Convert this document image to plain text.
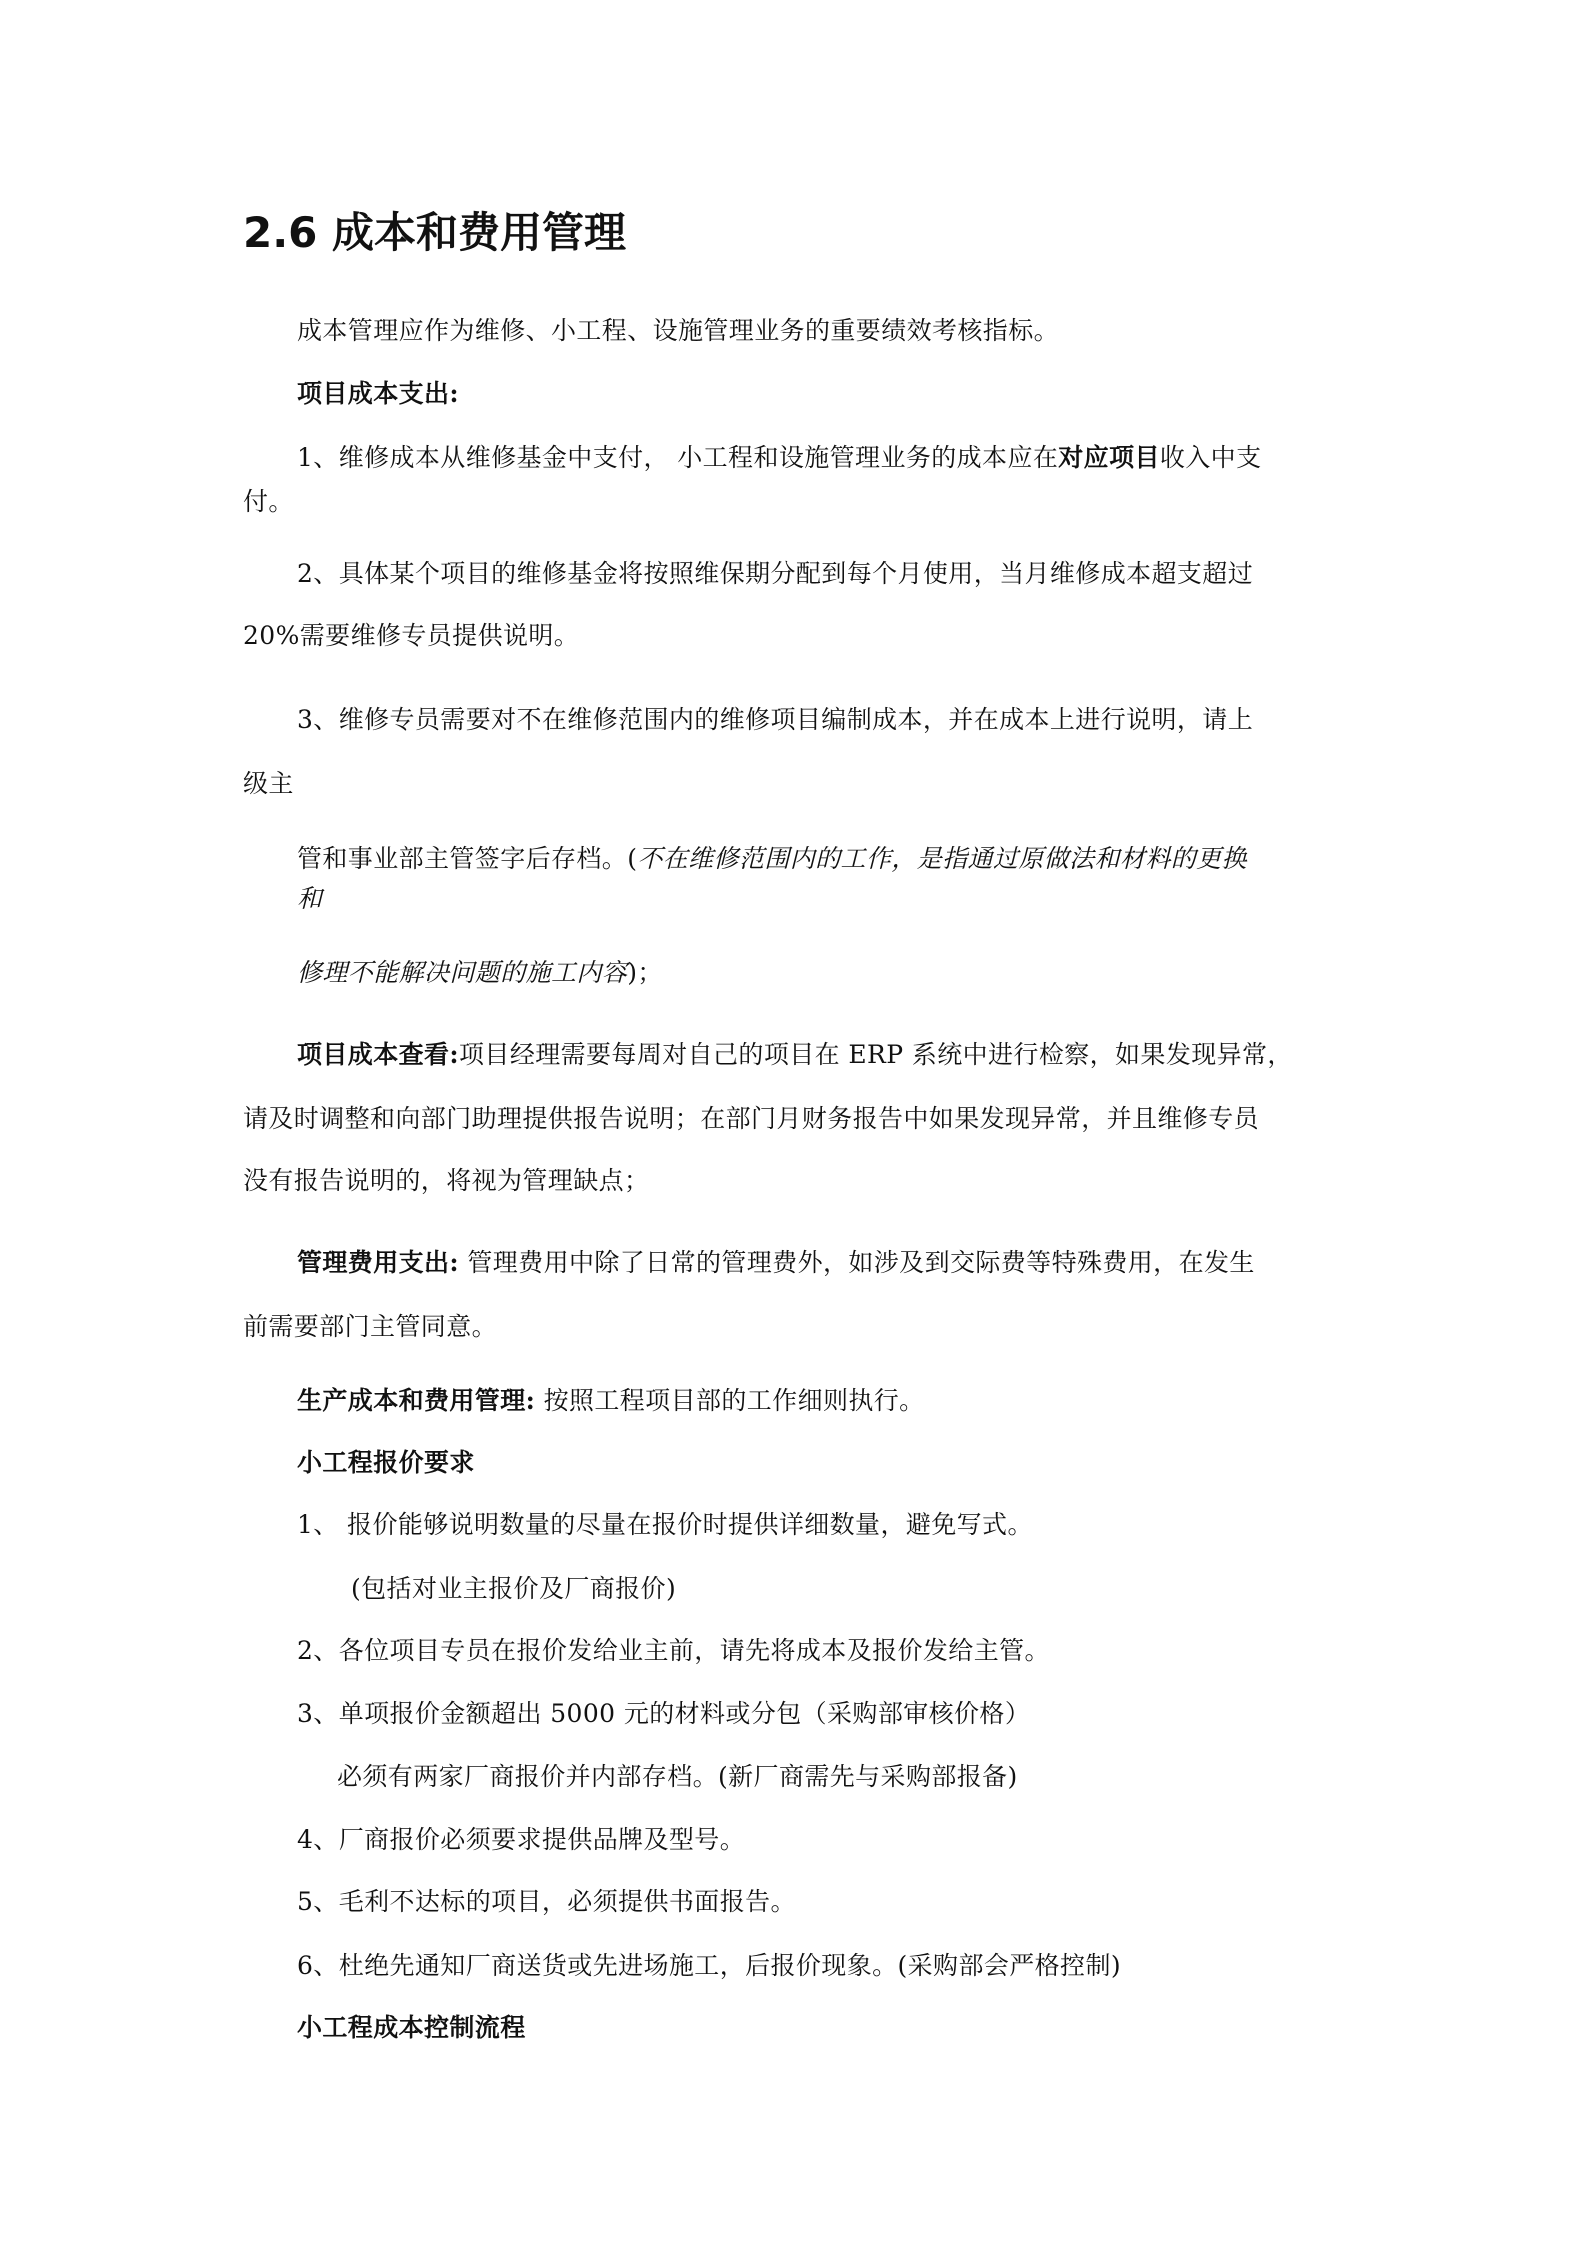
2.6 成本和费用管理
成本管理应作为维修、小工程、设施管理业务的重要绩效考核指标。
项目成本支出:
1、维修成本从维修基金中支付， 小工程和设施管理业务的成本应在对应项目收入中支
付。
2、具体某个项目的维修基金将按照维保期分配到每个月使用，当月维修成本超支超过
20%需要维修专员提供说明。
3、维修专员需要对不在维修范围内的维修项目编制成本，并在成本上进行说明，请上
级主
管和事业部主管签字后存档。(不在维修范围内的工作，是指通过原做法和材料的更换
和
修理不能解决问题的施工内容)；
项目成本查看:项目经理需要每周对自己的项目在 ERP 系统中进行检察，如果发现异常，
请及时调整和向部门助理提供报告说明；在部门月财务报告中如果发现异常，并且维修专员
没有报告说明的，将视为管理缺点；
管理费用支出: 管理费用中除了日常的管理费外，如涉及到交际费等特殊费用，在发生
前需要部门主管同意。
生产成本和费用管理: 按照工程项目部的工作细则执行。
小工程报价要求
1、 报价能够说明数量的尽量在报价时提供详细数量，避免写式。
(包括对业主报价及厂商报价)
2、各位项目专员在报价发给业主前，请先将成本及报价发给主管。
3、单项报价金额超出 5000 元的材料或分包（采购部审核价格）
必须有两家厂商报价并内部存档。(新厂商需先与采购部报备)
4、厂商报价必须要求提供品牌及型号。
5、毛利不达标的项目，必须提供书面报告。
6、杜绝先通知厂商送货或先进场施工，后报价现象。(采购部会严格控制)
小工程成本控制流程
